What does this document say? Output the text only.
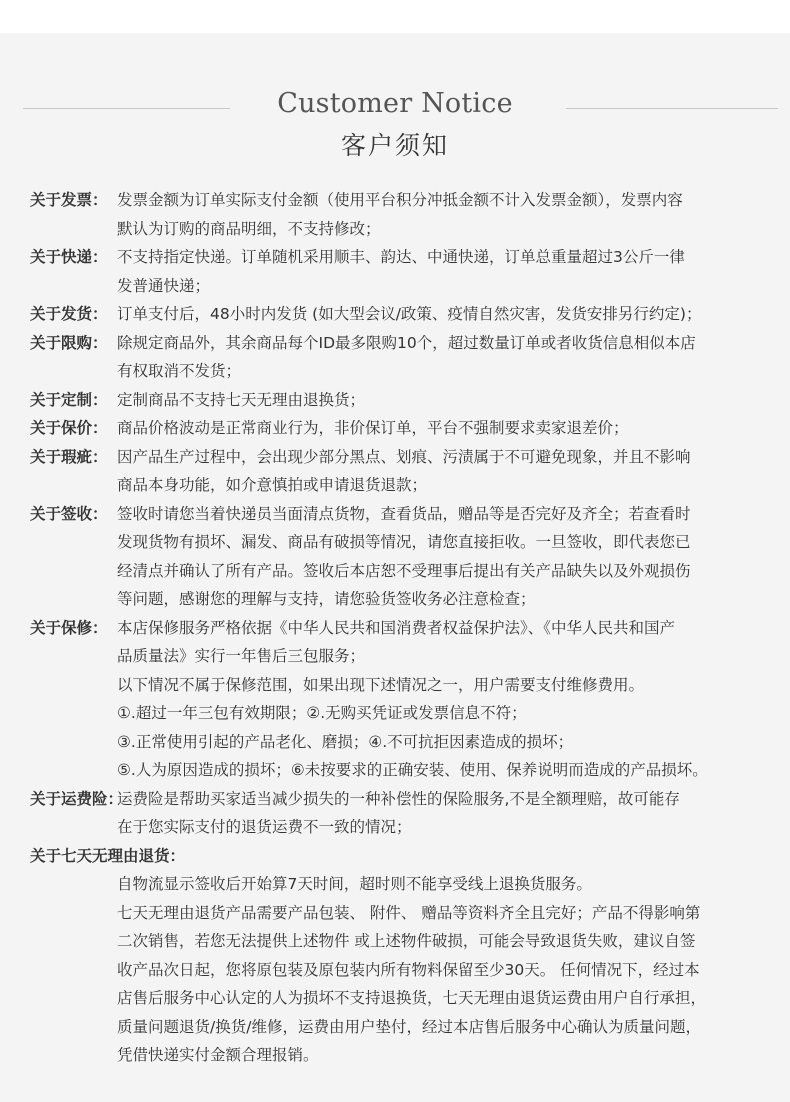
Customer Notice
客户须知
关于发票： 发票金额为订单实际支付金额（使用平台积分冲抵金额不计入发票金额），发票内容
默认为订购的商品明细，不支持修改；
关于快递： 不支持指定快递。订单随机采用顺丰、韵达、中通快递，订单总重量超过3公斤一律
发普通快递；
关于发货： 订单支付后，48小时内发货 (如大型会议/政策、疫情自然灾害，发货安排另行约定)；
关于限购： 除规定商品外，其余商品每个ID最多限购10个，超过数量订单或者收货信息相似本店
有权取消不发货；
关于定制： 定制商品不支持七天无理由退换货；
关于保价： 商品价格波动是正常商业行为，非价保订单，平台不强制要求卖家退差价；
关于瑕疵： 因产品生产过程中，会出现少部分黑点、划痕、污渍属于不可避免现象，并且不影响
商品本身功能，如介意慎拍或申请退货退款；
关于签收： 签收时请您当着快递员当面清点货物，查看货品，赠品等是否完好及齐全；若查看时
发现货物有损坏、漏发、商品有破损等情况，请您直接拒收。一旦签收，即代表您已
经清点并确认了所有产品。签收后本店恕不受理事后提出有关产品缺失以及外观损伤
等问题，感谢您的理解与支持，请您验货签收务必注意检查；
关于保修： 本店保修服务严格依据《中华人民共和国消费者权益保护法》、《中华人民共和国产
品质量法》实行一年售后三包服务；
以下情况不属于保修范围，如果出现下述情况之一，用户需要支付维修费用。
①.超过一年三包有效期限；②.无购买凭证或发票信息不符；
③.正常使用引起的产品老化、磨损；④.不可抗拒因素造成的损坏；
⑤.人为原因造成的损坏；⑥未按要求的正确安装、使用、保养说明而造成的产品损坏。
关于运费险：
运费险是帮助买家适当减少损失的一种补偿性的保险服务,不是全额理赔，故可能存
在于您实际支付的退货运费不一致的情况；
关于七天无理由退货：
自物流显示签收后开始算7天时间，超时则不能享受线上退换货服务。
七天无理由退货产品需要产品包装、 附件、 赠品等资料齐全且完好；产品不得影响第
二次销售，若您无法提供上述物件 或上述物件破损，可能会导致退货失败，建议自签
收产品次日起，您将原包装及原包装内所有物料保留至少30天。 任何情况下，经过本
店售后服务中心认定的人为损坏不支持退换货，七天无理由退货运费由用户自行承担，
质量问题退货/换货/维修，运费由用户垫付，经过本店售后服务中心确认为质量问题，
凭借快递实付金额合理报销。
